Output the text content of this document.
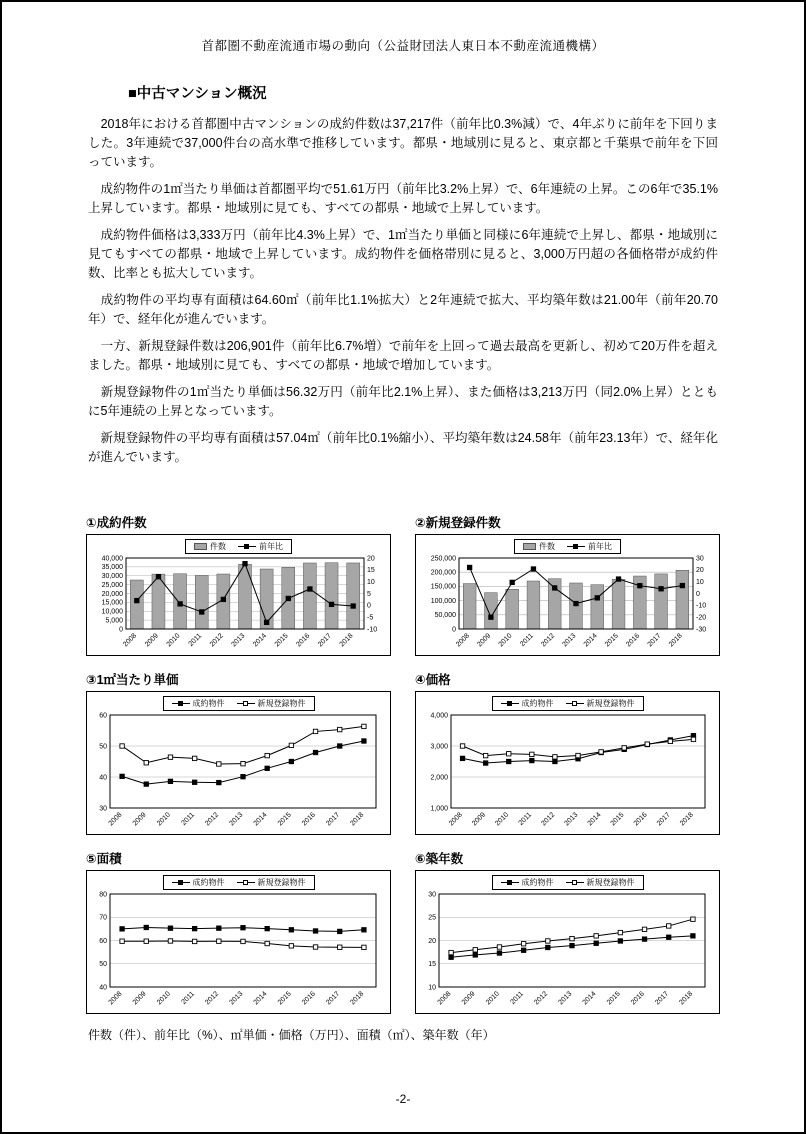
首都圏不動産流通市場の動向（公益財団法人東日本不動産流通機構）
■中古マンション概況

　2018年における首都圏中古マンションの成約件数は37,217件（前年比0.3%減）で、4年ぶりに前年を下回りました。3年連続で37,000件台の高水準で推移しています。都県・地域別に見ると、東京都と千葉県で前年を下回っています。

　成約物件の1㎡当たり単価は首都圏平均で51.61万円（前年比3.2%上昇）で、6年連続の上昇。この6年で35.1%上昇しています。都県・地域別に見ても、すべての都県・地域で上昇しています。

　成約物件価格は3,333万円（前年比4.3%上昇）で、1㎡当たり単価と同様に6年連続で上昇し、都県・地域別に見てもすべての都県・地域で上昇しています。成約物件を価格帯別に見ると、3,000万円超の各価格帯が成約件数、比率とも拡大しています。

　成約物件の平均専有面積は64.60㎡（前年比1.1%拡大）と2年連続で拡大、平均築年数は21.00年（前年20.70年）で、経年化が進んでいます。

　一方、新規登録件数は206,901件（前年比6.7%増）で前年を上回って過去最高を更新し、初めて20万件を超えました。都県・地域別に見ても、すべての都県・地域で増加しています。

　新規登録物件の1㎡当たり単価は56.32万円（前年比2.1%上昇）、また価格は3,213万円（同2.0%上昇）とともに5年連続の上昇となっています。

　新規登録物件の平均専有面積は57.04㎡（前年比0.1%縮小）、平均築年数は24.58年（前年23.13年）で、経年化が進んでいます。

①成約件数
件数	前年比
0
5,000
10,000
15,000
20,000
25,000
30,000
35,000
40,000
-10
-5
0
5
10
15
20
2008 2009 2010 2011 2012 2013 2014 2015 2016 2017 2018
②新規登録件数
件数	前年比
0
50,000
100,000
150,000
200,000
250,000
-30
-20
-10
0
10
20
30
2008 2009 2010 2011 2012 2013 2014 2015 2016 2017 2018
③1㎡当たり単価
成約物件	新規登録物件
30
40
50
60
2008 2009 2010 2011 2012 2013 2014 2015 2016 2017 2018
④価格
成約物件	新規登録物件
1,000
2,000
3,000
4,000
2008 2009 2010 2011 2012 2013 2014 2015 2016 2017 2018
⑤面積
成約物件	新規登録物件
40
50
60
70
80
2008 2009 2010 2011 2012 2013 2014 2015 2016 2017 2018
⑥築年数
成約物件	新規登録物件
10
15
20
25
30
2008 2009 2010 2011 2012 2013 2014 2015 2016 2017 2018
件数（件）、前年比（%）、㎡単価・価格（万円）、面積（㎡）、築年数（年）
-2-
